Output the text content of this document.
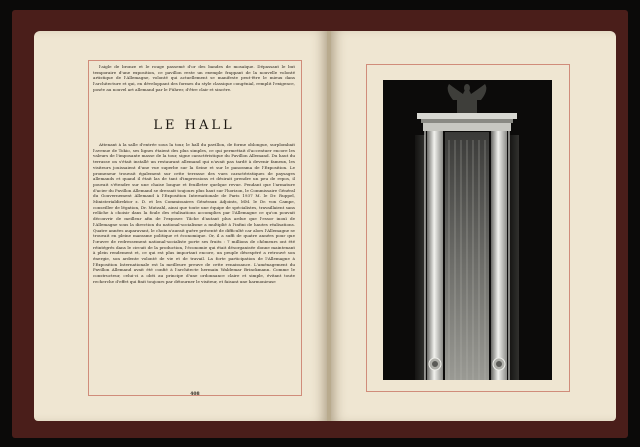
l'aigle de bronze et le rouge passemé d'or des bandes de mosaïque. Dépassant le but temporaire d'une exposition, ce pavillon reste un exemple frappant de la nouvelle volonté artistique de l'Allemagne, volonté qui actuellement se manifeste peut-être le mieux dans l'architecture et qui, en développant des formes du style classique congénial, remplit l'exigence, posée au nouvel art allemand par le Führer, d'être clair et sincère.
LE HALL
Attenant à la salle d'entrée sous la tour, le hall du pavillon, de forme oblongue, surplombait l'avenue de Tokio, ses lignes étaient des plus simples, ce qui permettait d'accentuer encore les valeurs de l'imposante masse de la tour, signe caractéristique du Pavillon Allemand. Du haut du terrasse on s'était installé un restaurant allemand qui n'avait pas tardé à devenir fameux, les visiteurs jouissaient d'une vue superbe sur la Seine et sur le panorama de l'Exposition. Le promeneur trouvait également sur cette terrasse des vues caractéristiques de paysages allemands et quand il était las de tant d'impressions et désirait prendre un peu de repos, il pouvait s'étendre sur une chaise longue et feuilleter quelque revue. Pendant que l'armature d'acier du Pavillon Allemand se dressait toujours plus haut sur l'horizon, le Commissaire Général du Gouvernement Allemand à l'Exposition Internationale de Paris 1937 M. le Dr. Ruppel, Ministerialdirektor z. D. et les Commissaires Généraux Adjoints, MM. le Dr. von Campe, conseiller de légation, Dr. Mutzahl, ainsi que toute une équipe de spécialistes, travaillaient sans relâche à choisir dans la foule des réalisations accomplies par l'Allemagne ce qu'on pouvait découvrir de meilleur afin de l'exposer. Tâche d'autant plus ardue que l'essor inouï de l'Allemagne sous la direction du national-socialisme a multiplié à l'infini de hautes réalisations. Quatre années auparavant, le choix n'aurait guère présenté de difficulté car alors l'Allemagne se trouvait en pleine marasme politique et économique. Or, il a suffi de quatre années pour que l'œuvre de redressement national-socialiste porte ses fruits : 7 millions de chômeurs ont été réintégrés dans le circuit de la production, l'économie qui était désorganisée donne maintenant à plein rendement et, ce qui est plus important encore, un peuple désespéré a retrouvé son énergie, son ardente volonté de vie et de travail. La forte participation de l'Allemagne à l'Exposition Internationale est la meilleure preuve de cette renaissance. L'aménagement du Pavillon Allemand avait été confié à l'architecte hermain Waldemar Brinckmann. Comme le constructeur, celui-ci a obéi au principe d'une ordonnance claire et simple, évitant toute recherche d'effet qui finit toujours par détourner le visiteur, et faisant une harmonieuse
408
